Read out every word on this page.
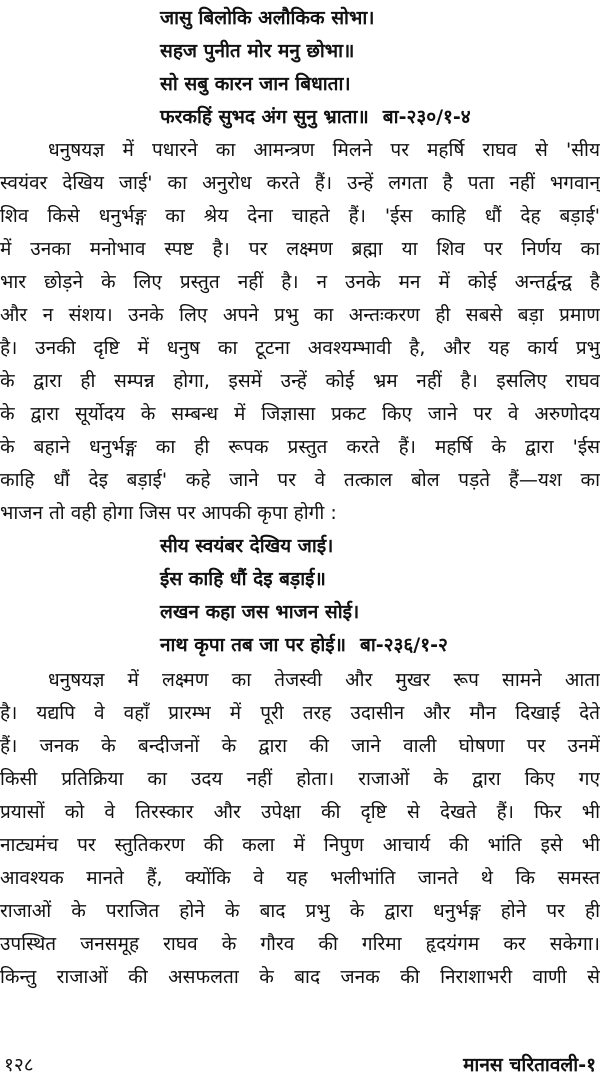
जासु बिलोकि अलौकिक सोभा।
सहज पुनीत मोर मनु छोभा॥
सो सबु कारन जान बिधाता।
फरकहिं सुभद अंग सुनु भ्राता॥ बा-२३०/१-४
धनुषयज्ञ में पधारने का आमन्त्रण मिलने पर महर्षि राघव से 'सीय
स्वयंवर देखिय जाई' का अनुरोध करते हैं। उन्हें लगता है पता नहीं भगवान्
शिव किसे धनुर्भङ्ग का श्रेय देना चाहते हैं। 'ईस काहि धौं देह बड़ाई'
में उनका मनोभाव स्पष्ट है। पर लक्ष्मण ब्रह्मा या शिव पर निर्णय का
भार छोड़ने के लिए प्रस्तुत नहीं है। न उनके मन में कोई अन्तर्द्वन्द्व है
और न संशय। उनके लिए अपने प्रभु का अन्तःकरण ही सबसे बड़ा प्रमाण
है। उनकी दृष्टि में धनुष का टूटना अवश्यम्भावी है, और यह कार्य प्रभु
के द्वारा ही सम्पन्न होगा, इसमें उन्हें कोई भ्रम नहीं है। इसलिए राघव
के द्वारा सूर्योदय के सम्बन्ध में जिज्ञासा प्रकट किए जाने पर वे अरुणोदय
के बहाने धनुर्भङ्ग का ही रूपक प्रस्तुत करते हैं। महर्षि के द्वारा 'ईस
काहि धौं देइ बड़ाई' कहे जाने पर वे तत्काल बोल पड़ते हैं—यश का
भाजन तो वही होगा जिस पर आपकी कृपा होगी :
सीय स्वयंबर देखिय जाई।
ईस काहि धौं देइ बड़ाई॥
लखन कहा जस भाजन सोई।
नाथ कृपा तब जा पर होई॥ बा-२३६/१-२
धनुषयज्ञ में लक्ष्मण का तेजस्वी और मुखर रूप सामने आता
है। यद्यपि वे वहाँ प्रारम्भ में पूरी तरह उदासीन और मौन दिखाई देते
हैं। जनक के बन्दीजनों के द्वारा की जाने वाली घोषणा पर उनमें
किसी प्रतिक्रिया का उदय नहीं होता। राजाओं के द्वारा किए गए
प्रयासों को वे तिरस्कार और उपेक्षा की दृष्टि से देखते हैं। फिर भी
नाट्यमंच पर स्तुतिकरण की कला में निपुण आचार्य की भांति इसे भी
आवश्यक मानते हैं, क्योंकि वे यह भलीभांति जानते थे कि समस्त
राजाओं के पराजित होने के बाद प्रभु के द्वारा धनुर्भङ्ग होने पर ही
उपस्थित जनसमूह राघव के गौरव की गरिमा हृदयंगम कर सकेगा।
किन्तु राजाओं की असफलता के बाद जनक की निराशाभरी वाणी से
१२८	मानस चरितावली-१
